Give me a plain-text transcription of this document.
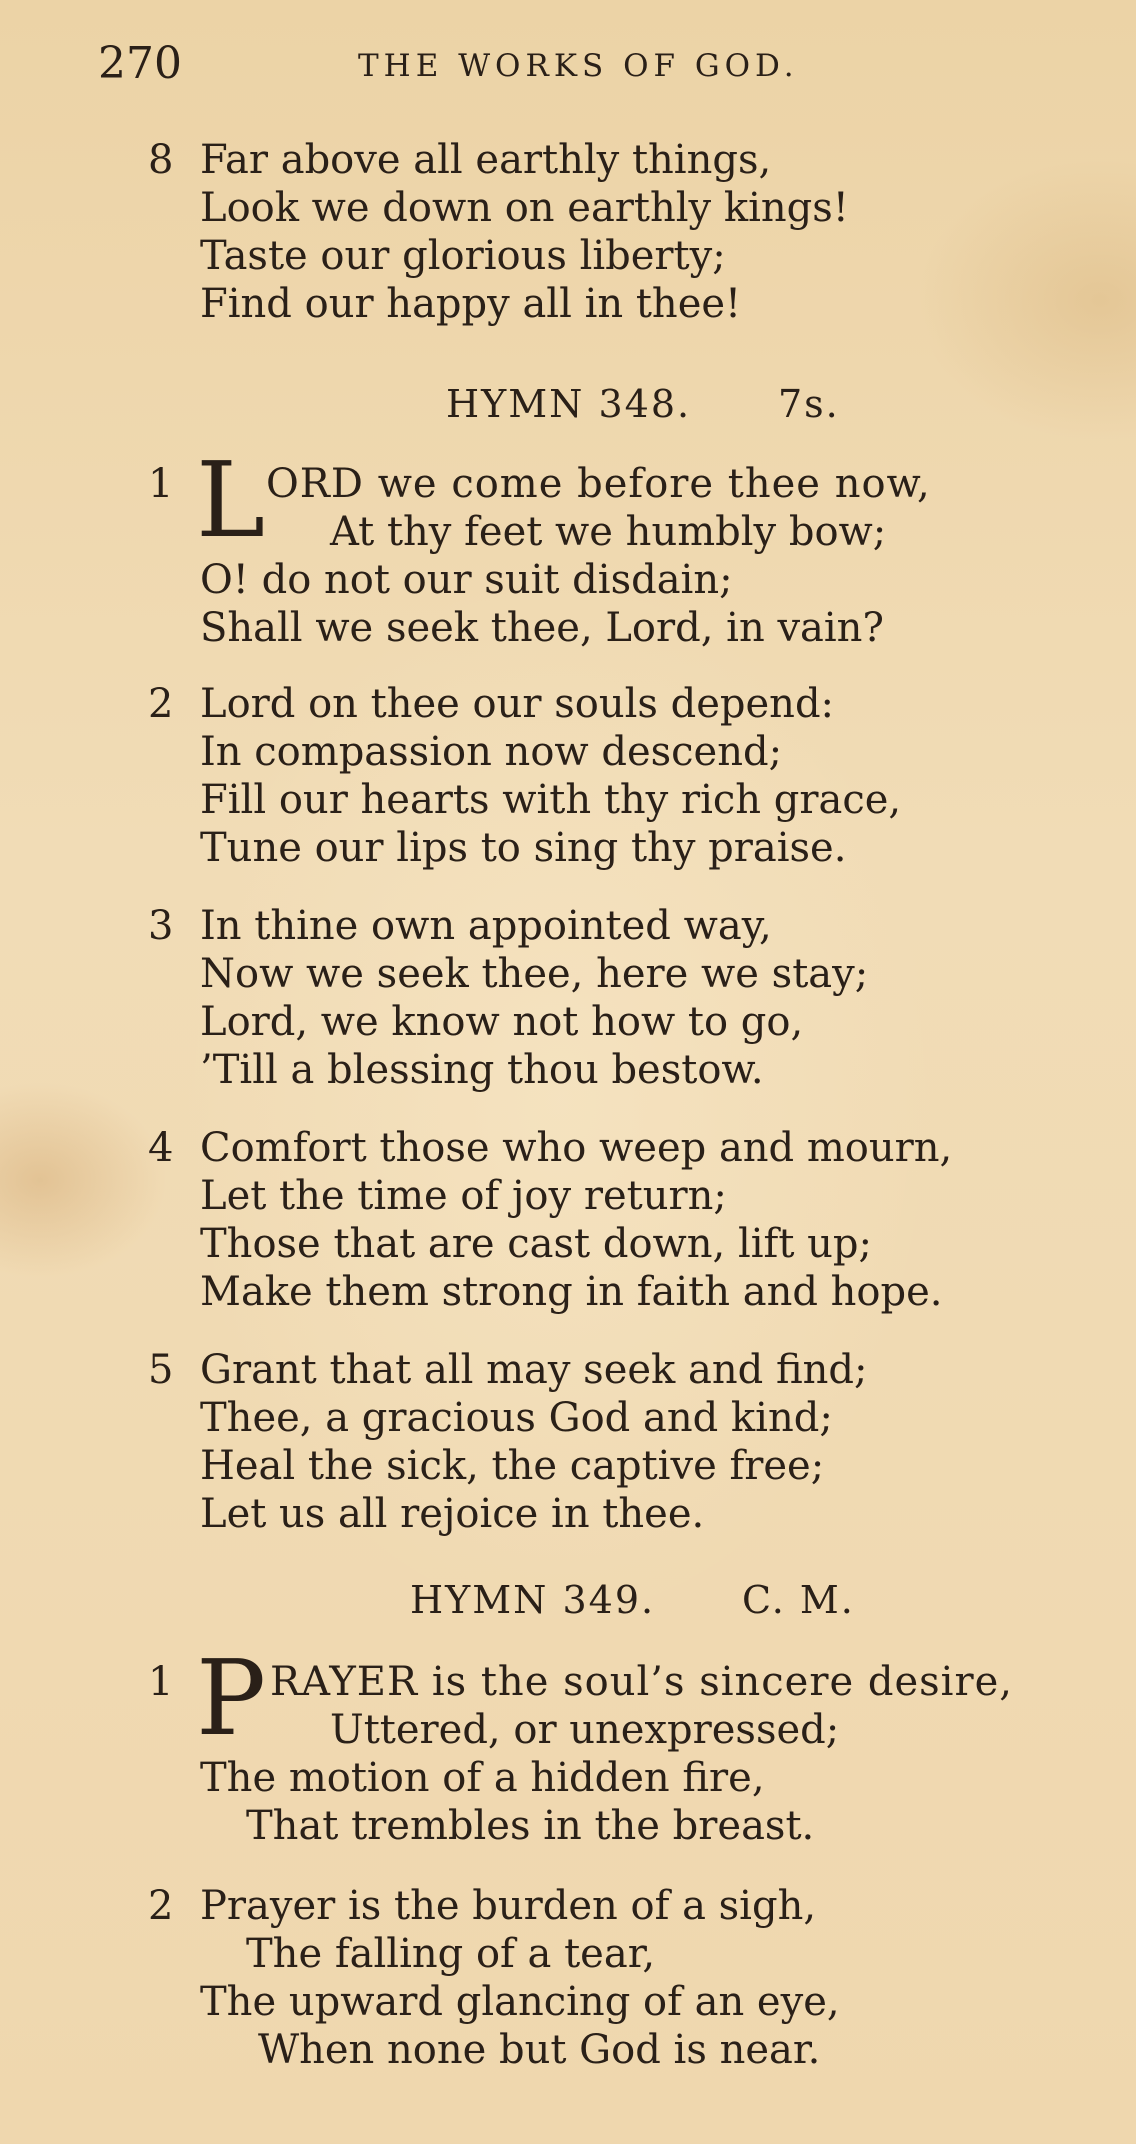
270	THE WORKS OF GOD.
8 Far above all earthly things,
Look we down on earthly kings!
Taste our glorious liberty;
Find our happy all in thee!
HYMN 348. 7s.
1 L ORD we come before thee now,
At thy feet we humbly bow;
O! do not our suit disdain;
Shall we seek thee, Lord, in vain?
2 Lord on thee our souls depend:
In compassion now descend;
Fill our hearts with thy rich grace,
Tune our lips to sing thy praise.
3 In thine own appointed way,
Now we seek thee, here we stay;
Lord, we know not how to go,
’Till a blessing thou bestow.
4 Comfort those who weep and mourn,
Let the time of joy return;
Those that are cast down, lift up;
Make them strong in faith and hope.
5 Grant that all may seek and find;
Thee, a gracious God and kind;
Heal the sick, the captive free;
Let us all rejoice in thee.
HYMN 349. C. M.
1 P RAYER is the soul’s sincere desire,
Uttered, or unexpressed;
The motion of a hidden fire,
That trembles in the breast.
2 Prayer is the burden of a sigh,
The falling of a tear,
The upward glancing of an eye,
When none but God is near.
